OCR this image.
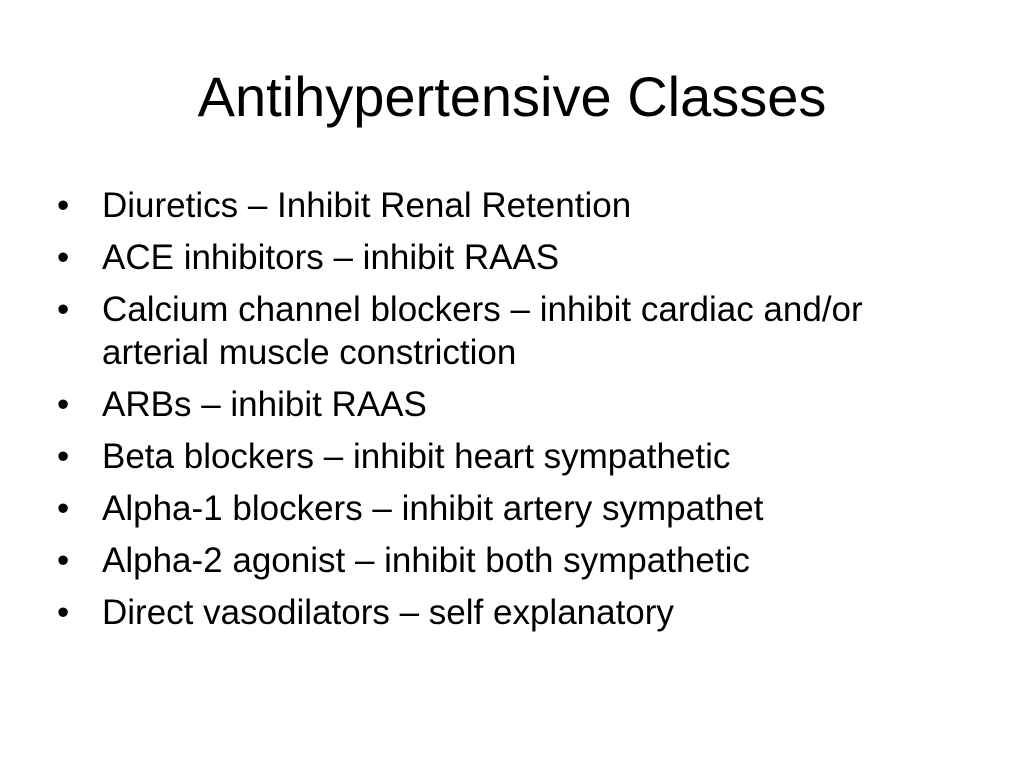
Antihypertensive Classes
• Diuretics – Inhibit Renal Retention
• ACE inhibitors – inhibit RAAS
• Calcium channel blockers – inhibit cardiac and/or arterial muscle constriction
• ARBs – inhibit RAAS
• Beta blockers – inhibit heart sympathetic
• Alpha-1 blockers – inhibit artery sympathet
• Alpha-2 agonist – inhibit both sympathetic
• Direct vasodilators – self explanatory
